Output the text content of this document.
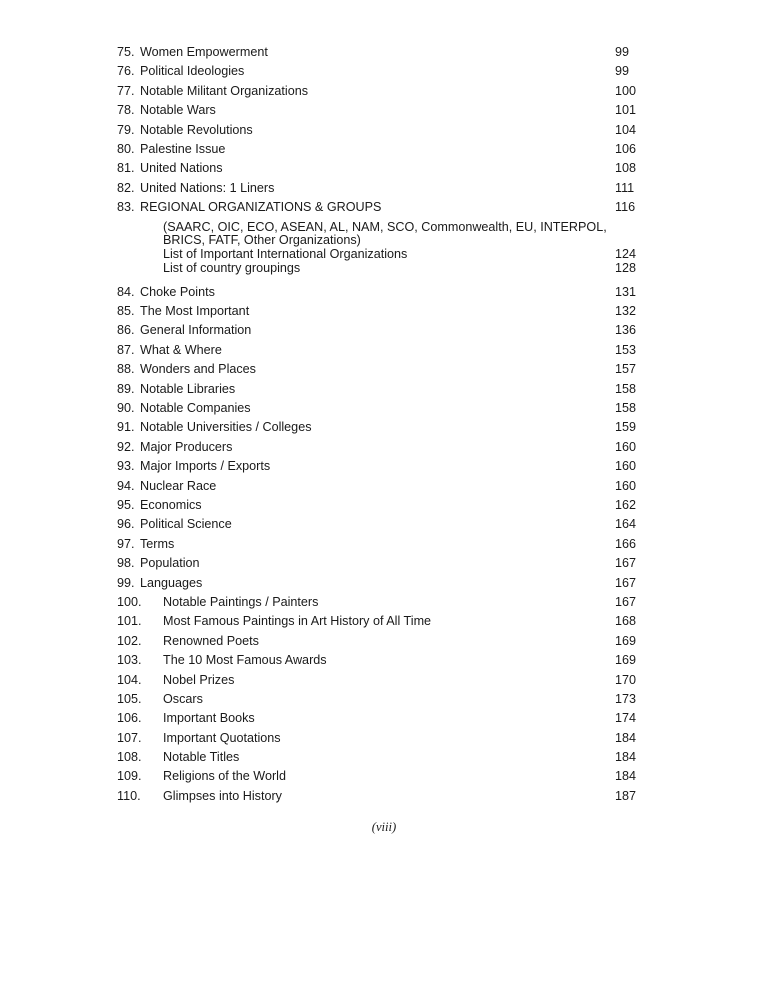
75. Women Empowerment	99
76. Political Ideologies	99
77. Notable Militant Organizations	100
78. Notable Wars	101
79. Notable Revolutions	104
80. Palestine Issue	106
81. United Nations	108
82. United Nations: 1 Liners	111
83. REGIONAL ORGANIZATIONS & GROUPS	116
(SAARC, OIC, ECO, ASEAN, AL, NAM, SCO, Commonwealth, EU, INTERPOL,
BRICS, FATF, Other Organizations)
List of Important International Organizations	124
List of country groupings	128
84. Choke Points	131
85. The Most Important	132
86. General Information	136
87. What & Where	153
88. Wonders and Places	157
89. Notable Libraries	158
90. Notable Companies	158
91. Notable Universities / Colleges	159
92. Major Producers	160
93. Major Imports / Exports	160
94. Nuclear Race	160
95. Economics	162
96. Political Science	164
97. Terms	166
98. Population	167
99. Languages	167
100. Notable Paintings / Painters	167
101. Most Famous Paintings in Art History of All Time	168
102. Renowned Poets	169
103. The 10 Most Famous Awards	169
104. Nobel Prizes	170
105. Oscars	173
106. Important Books	174
107. Important Quotations	184
108. Notable Titles	184
109. Religions of the World	184
110. Glimpses into History	187
(viii)
